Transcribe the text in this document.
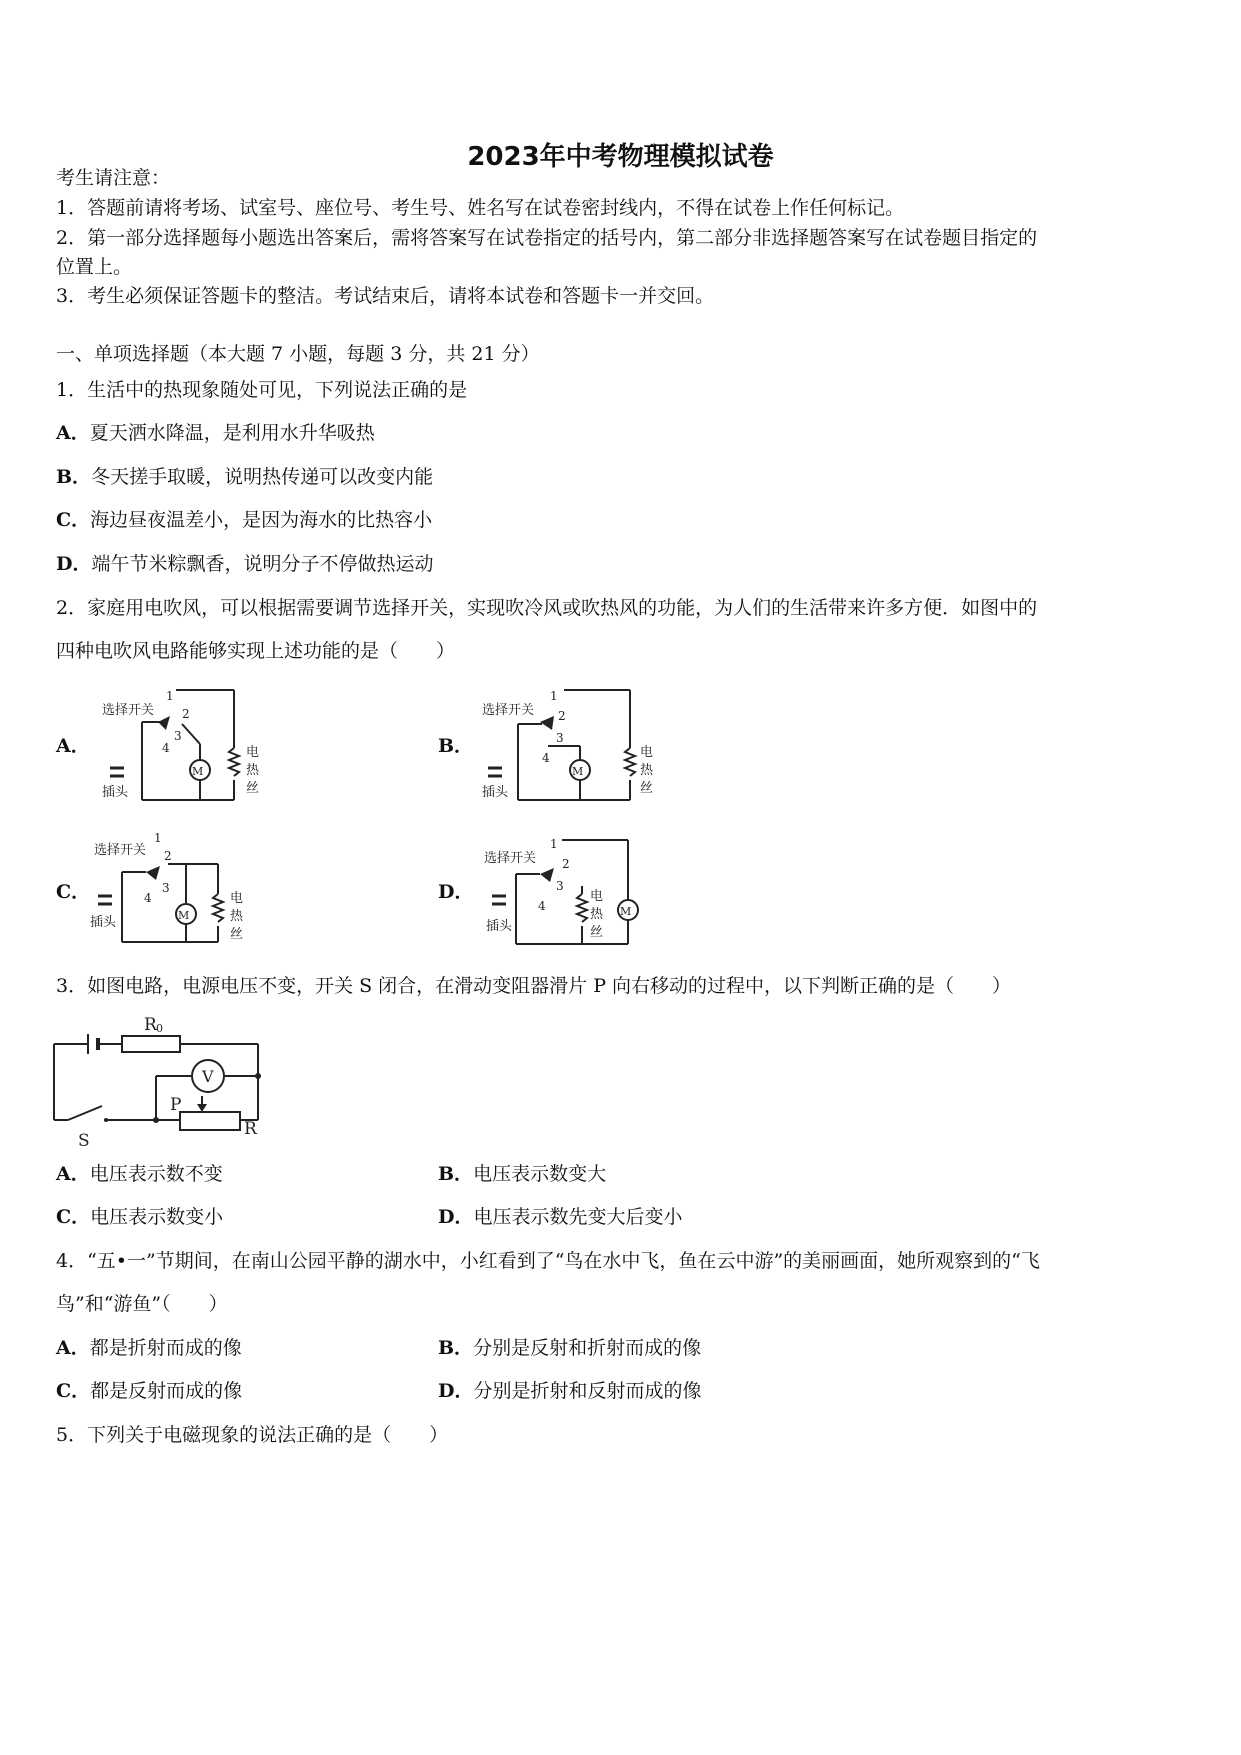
2023年中考物理模拟试卷
考生请注意：
1．答题前请将考场、试室号、座位号、考生号、姓名写在试卷密封线内，不得在试卷上作任何标记。
2．第一部分选择题每小题选出答案后，需将答案写在试卷指定的括号内，第二部分非选择题答案写在试卷题目指定的
位置上。
3．考生必须保证答题卡的整洁。考试结束后，请将本试卷和答题卡一并交回。
一、单项选择题（本大题 7 小题，每题 3 分，共 21 分）
1．生活中的热现象随处可见，下列说法正确的是
A．夏天洒水降温，是利用水升华吸热
B．冬天搓手取暖，说明热传递可以改变内能
C．海边昼夜温差小，是因为海水的比热容小
D．端午节米粽飘香，说明分子不停做热运动
2．家庭用电吹风，可以根据需要调节选择开关，实现吹冷风或吹热风的功能，为人们的生活带来许多方便．如图中的
四种电吹风电路能够实现上述功能的是（　　）
A．	B．
C．	D．
M
选择开关
插头
1
2
3
4	电
热
丝
M
选择开关
插头
1
2
3
4	电
热
丝
M
选择开关
插头
1
2
3
4	电
热
丝
M
选择开关
插头
1
2
3
4
电
热
丝
3．如图电路，电源电压不变，开关 S 闭合，在滑动变阻器滑片 P 向右移动的过程中，以下判断正确的是（　　）
V
R 0
P
R
S
A．电压表示数不变	B．电压表示数变大
C．电压表示数变小	D．电压表示数先变大后变小
4．“五•一”节期间，在南山公园平静的湖水中，小红看到了“鸟在水中飞，鱼在云中游”的美丽画面，她所观察到的“飞
鸟”和“游鱼”（　　）
A．都是折射而成的像	B．分别是反射和折射而成的像
C．都是反射而成的像	D．分别是折射和反射而成的像
5．下列关于电磁现象的说法正确的是（　　）
